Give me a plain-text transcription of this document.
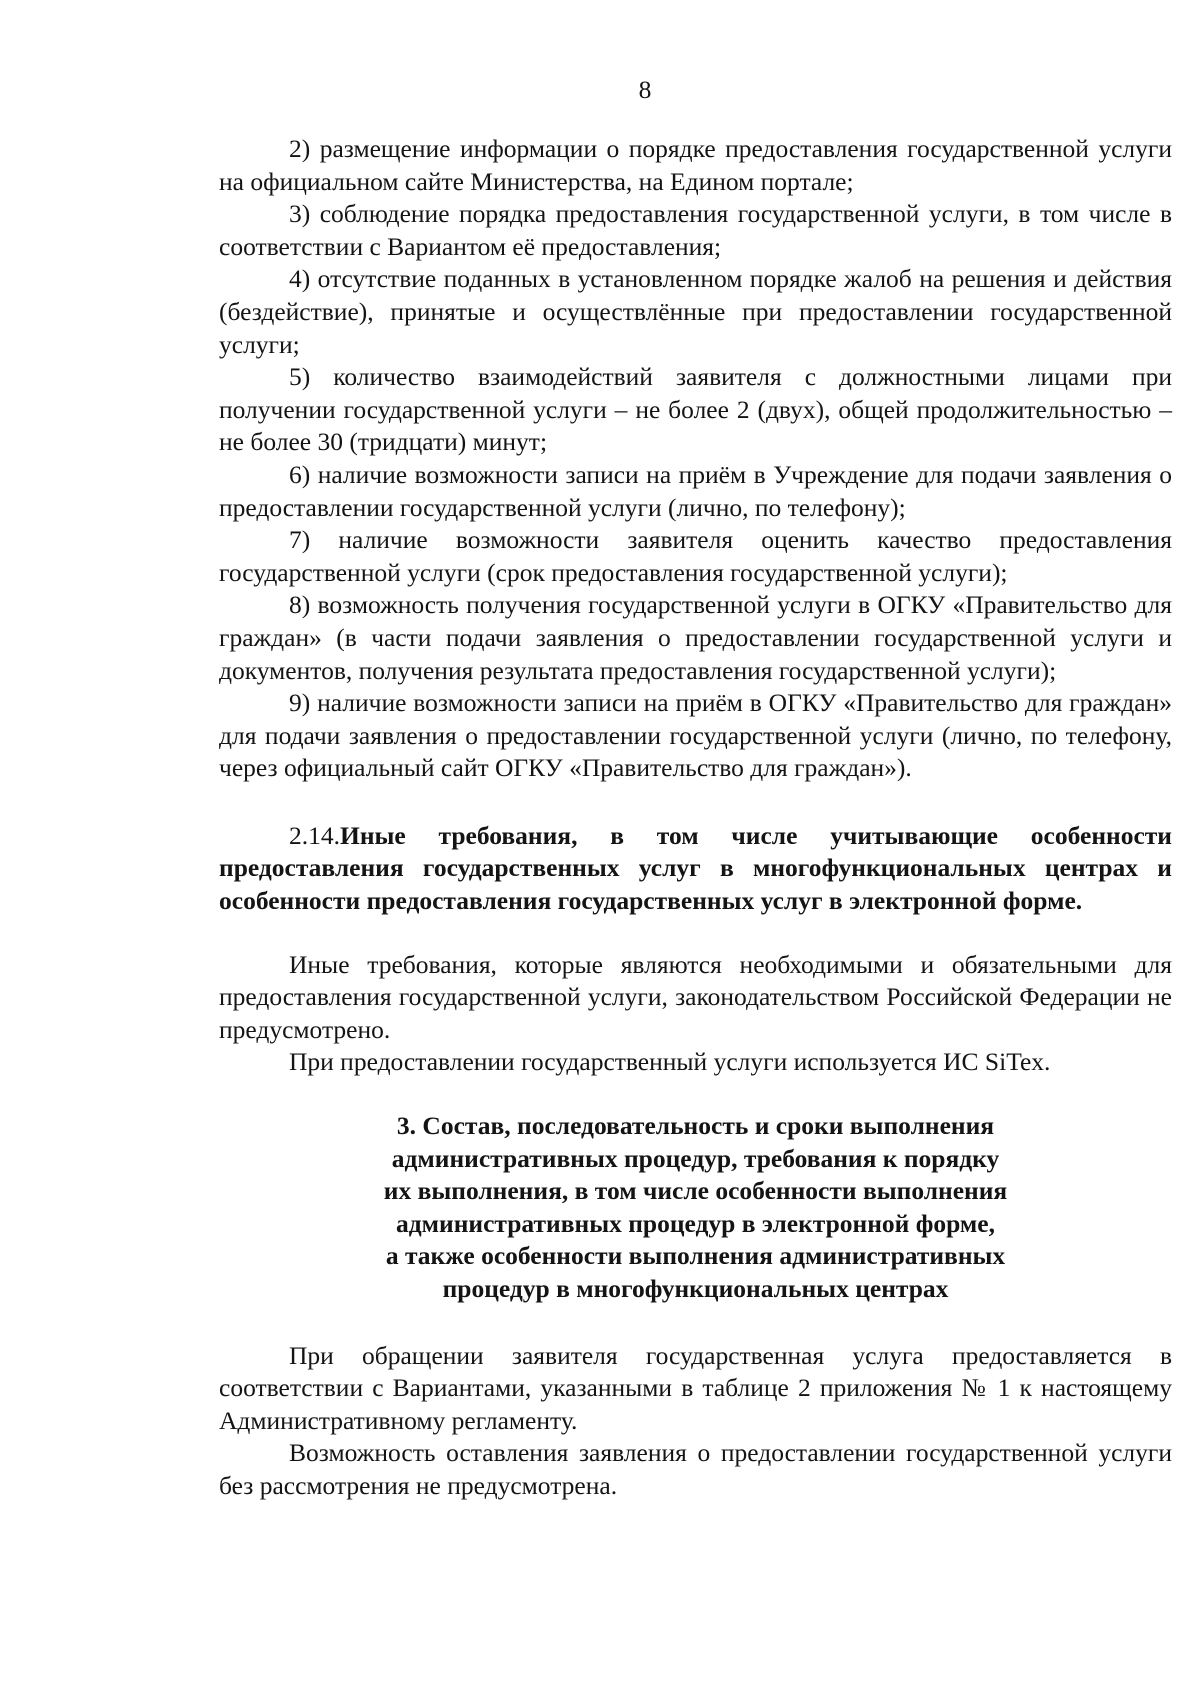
8

2) размещение информации о порядке предоставления государственной услуги на официальном сайте Министерства, на Едином портале;

3) соблюдение порядка предоставления государственной услуги, в том числе в соответствии с Вариантом её предоставления;

4) отсутствие поданных в установленном порядке жалоб на решения и действия (бездействие), принятые и осуществлённые при предоставлении государственной услуги;

5) количество взаимодействий заявителя с должностными лицами при получении государственной услуги – не более 2 (двух), общей продолжительностью – не более 30 (тридцати) минут;

6) наличие возможности записи на приём в Учреждение для подачи заявления о предоставлении государственной услуги (лично, по телефону);

7) наличие возможности заявителя оценить качество предоставления государственной услуги (срок предоставления государственной услуги);

8) возможность получения государственной услуги в ОГКУ «Правительство для граждан» (в части подачи заявления о предоставлении государственной услуги и документов, получения результата предоставления государственной услуги);

9) наличие возможности записи на приём в ОГКУ «Правительство для граждан» для подачи заявления о предоставлении государственной услуги (лично, по телефону, через официальный сайт ОГКУ «Правительство для граждан»).

2.14.Иные требования, в том числе учитывающие особенности предоставления государственных услуг в многофункциональных центрах и особенности предоставления государственных услуг в электронной форме.

Иные требования, которые являются необходимыми и обязательными для предоставления государственной услуги, законодательством Российской Федерации не предусмотрено.

При предоставлении государственный услуги используется ИС SiTex.

3. Состав, последовательность и сроки выполнения
административных процедур, требования к порядку
их выполнения, в том числе особенности выполнения
административных процедур в электронной форме,
а также особенности выполнения административных
процедур в многофункциональных центрах

При обращении заявителя государственная услуга предоставляется в соответствии с Вариантами, указанными в таблице 2 приложения № 1 к настоящему Административному регламенту.

Возможность оставления заявления о предоставлении государственной услуги без рассмотрения не предусмотрена.
